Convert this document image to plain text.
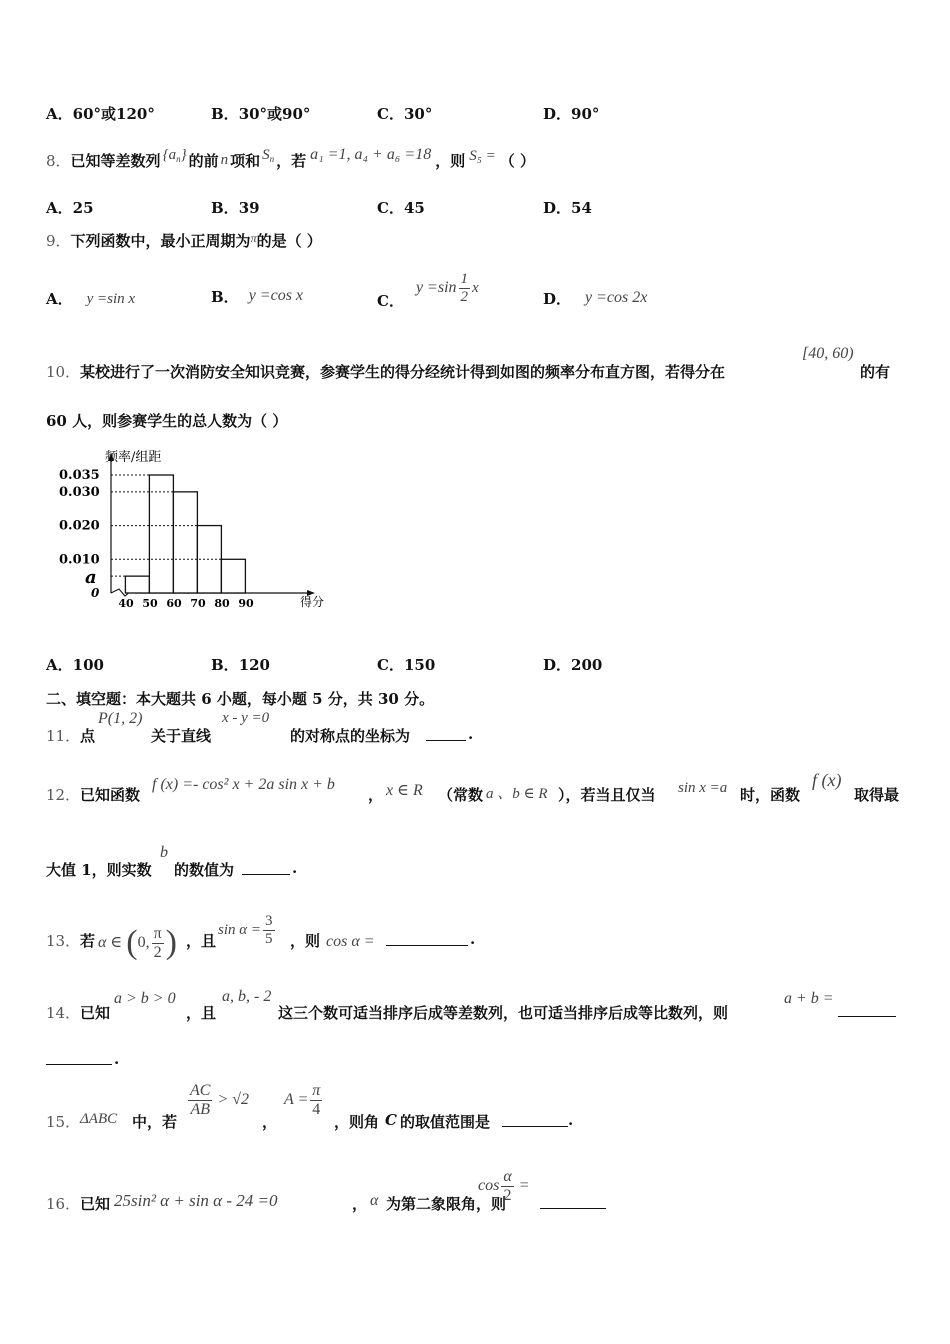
A．60°或120°	B．30°或90°	C．30°	D．90°
8． 已知等差数列 $\{a_n\}$ 的前 n 项和 $S_n$ ，若 a₁ =1, a₄ + a₆ =18 ，则 S₅ = （ ）
A．25	B．39	C．45	D．54
9．下列函数中，最小正周期为$^\pi$的是（ ）
A． y =sin x	B． y =cos x	C．
$y =\sin \frac{1}{2}$ x
D． y =cos 2x
10． 某校进行了一次消防安全知识竞赛，参赛学生的得分经统计得到如图的频率分布直方图，若得分在
[40, 60)
的有
60 人，则参赛学生的总人数为（ ）
频率/组距
得分
0
0.035
0.030
0.020
0.010
a
40 50 60 70 80 90
A．100	B．120	C．150	D．200
二、填空题：本大题共 6 小题，每小题 5 分，共 30 分。
11． 点
P(1, 2)
关于直线
x - y =0
的对称点的坐标为	.
12． 已知函数
f (x) =- cos² x + 2a sin x + b
， x ∈ R （常数 a 、b ∈ R ），若当且仅当 sin x =a 时，函数
f (x)
取得最
大值 1，则实数
b
的数值为	.
13． 若 α ∈ (0, $\frac{\pi}{2}$ ) ，且
$\sin \alpha = \frac{3}{5}$ ，则 cos α =	.
14． 已知
a > b > 0
，且
a, b, - 2
这三个数可适当排序后成等差数列，也可适当排序后成等比数列，则
a + b =
.
15． ΔABC 中，若
$\frac{AC}{AB} > √2$
，
$A = \frac{\pi}{4}$
，则角 C 的取值范围是	.
16． 已知 25sin² α + sin α - 24 =0	， α 为第二象限角，则
$\cos \frac{\alpha}{2}$ =
